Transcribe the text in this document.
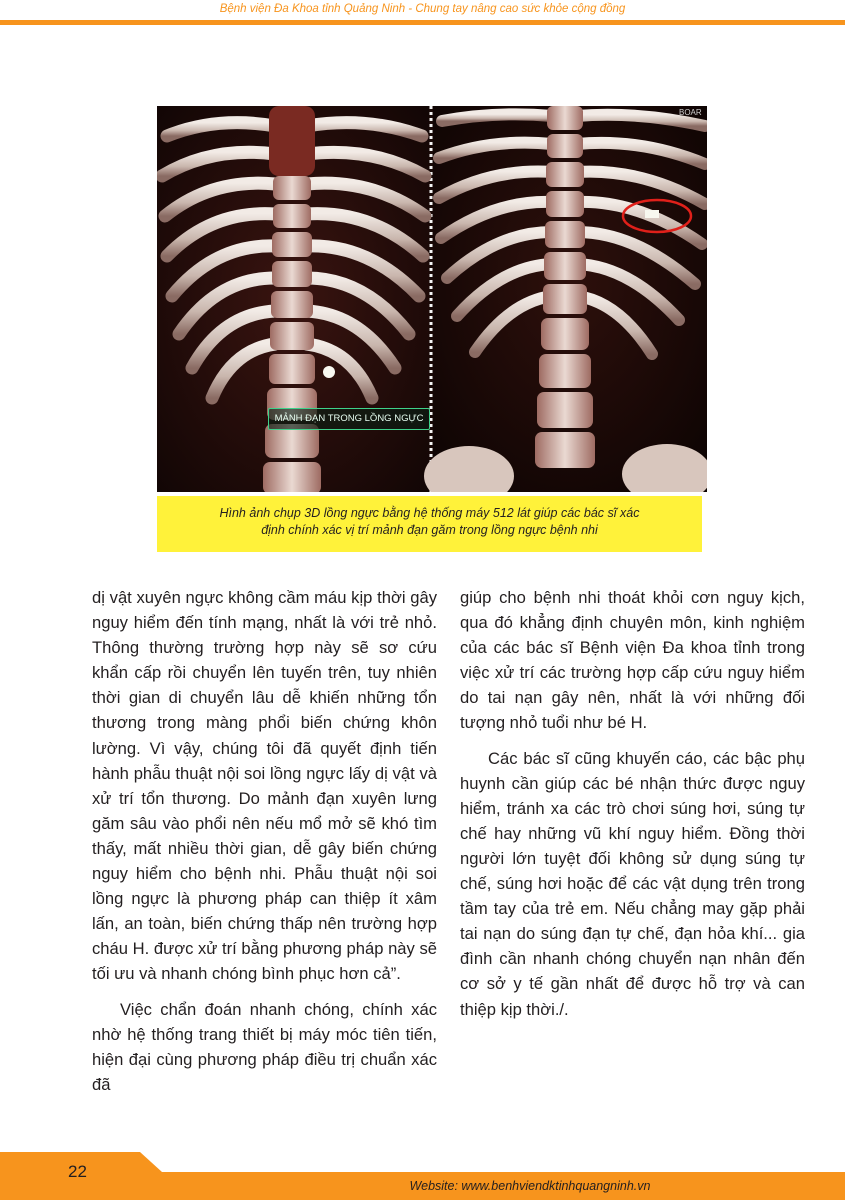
Bệnh viện Đa Khoa tỉnh Quảng Ninh - Chung tay nâng cao sức khỏe cộng đồng
MẢNH ĐẠN TRONG LỒNG NGỰC
BOAR
Hình ảnh chụp 3D lồng ngực bằng hệ thống máy 512 lát giúp các bác sĩ xác
định chính xác vị trí mảnh đạn găm trong lồng ngực bệnh nhi

dị vật xuyên ngực không cầm máu kịp thời gây nguy hiểm đến tính mạng, nhất là với trẻ nhỏ. Thông thường trường hợp này sẽ sơ cứu khẩn cấp rồi chuyển lên tuyến trên, tuy nhiên thời gian di chuyển lâu dễ khiến những tổn thương trong màng phổi biến chứng khôn lường. Vì vậy, chúng tôi đã quyết định tiến hành phẫu thuật nội soi lồng ngực lấy dị vật và xử trí tổn thương. Do mảnh đạn xuyên lưng găm sâu vào phổi nên nếu mổ mở sẽ khó tìm thấy, mất nhiều thời gian, dễ gây biến chứng nguy hiểm cho bệnh nhi. Phẫu thuật nội soi lồng ngực là phương pháp can thiệp ít xâm lấn, an toàn, biến chứng thấp nên trường hợp cháu H. được xử trí bằng phương pháp này sẽ tối ưu và nhanh chóng bình phục hơn cả”.

Việc chẩn đoán nhanh chóng, chính xác nhờ hệ thống trang thiết bị máy móc tiên tiến, hiện đại cùng phương pháp điều trị chuẩn xác đã

giúp cho bệnh nhi thoát khỏi cơn nguy kịch, qua đó khẳng định chuyên môn, kinh nghiệm của các bác sĩ Bệnh viện Đa khoa tỉnh trong việc xử trí các trường hợp cấp cứu nguy hiểm do tai nạn gây nên, nhất là với những đối tượng nhỏ tuổi như bé H.

Các bác sĩ cũng khuyến cáo, các bậc phụ huynh cần giúp các bé nhận thức được nguy hiểm, tránh xa các trò chơi súng hơi, súng tự chế hay những vũ khí nguy hiểm. Đồng thời người lớn tuyệt đối không sử dụng súng tự chế, súng hơi hoặc để các vật dụng trên trong tầm tay của trẻ em. Nếu chẳng may gặp phải tai nạn do súng đạn tự chế, đạn hỏa khí... gia đình cần nhanh chóng chuyển nạn nhân đến cơ sở y tế gần nhất để được hỗ trợ và can thiệp kịp thời./.

22
Website: www.benhviendktinhquangninh.vn
